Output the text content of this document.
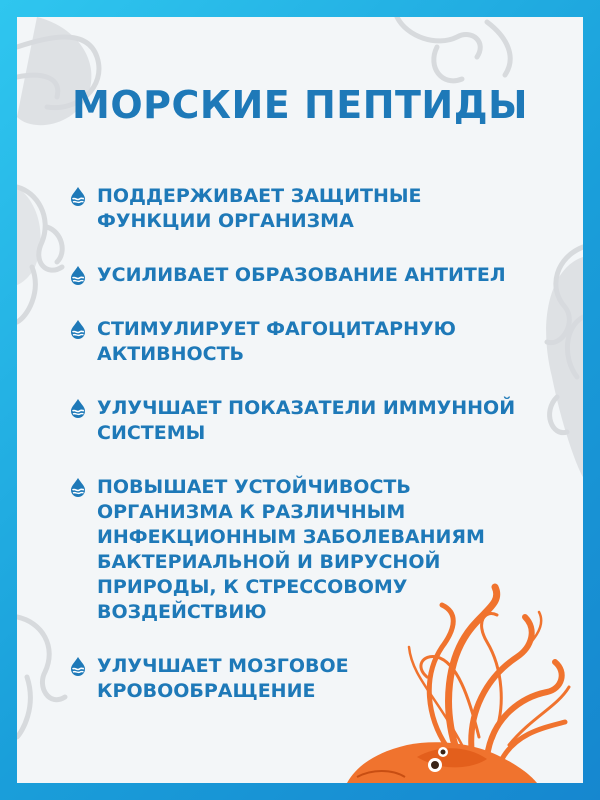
МОРСКИЕ ПЕПТИДЫ
ПОДДЕРЖИВАЕТ ЗАЩИТНЫЕ
ФУНКЦИИ ОРГАНИЗМА
УСИЛИВАЕТ ОБРАЗОВАНИЕ АНТИТЕЛ
СТИМУЛИРУЕТ ФАГОЦИТАРНУЮ
АКТИВНОСТЬ
УЛУЧШАЕТ ПОКАЗАТЕЛИ ИММУННОЙ
СИСТЕМЫ
ПОВЫШАЕТ УСТОЙЧИВОСТЬ
ОРГАНИЗМА К РАЗЛИЧНЫМ
ИНФЕКЦИОННЫМ ЗАБОЛЕВАНИЯМ
БАКТЕРИАЛЬНОЙ И ВИРУСНОЙ
ПРИРОДЫ, К СТРЕССОВОМУ
ВОЗДЕЙСТВИЮ
УЛУЧШАЕТ МОЗГОВОЕ
КРОВООБРАЩЕНИЕ
